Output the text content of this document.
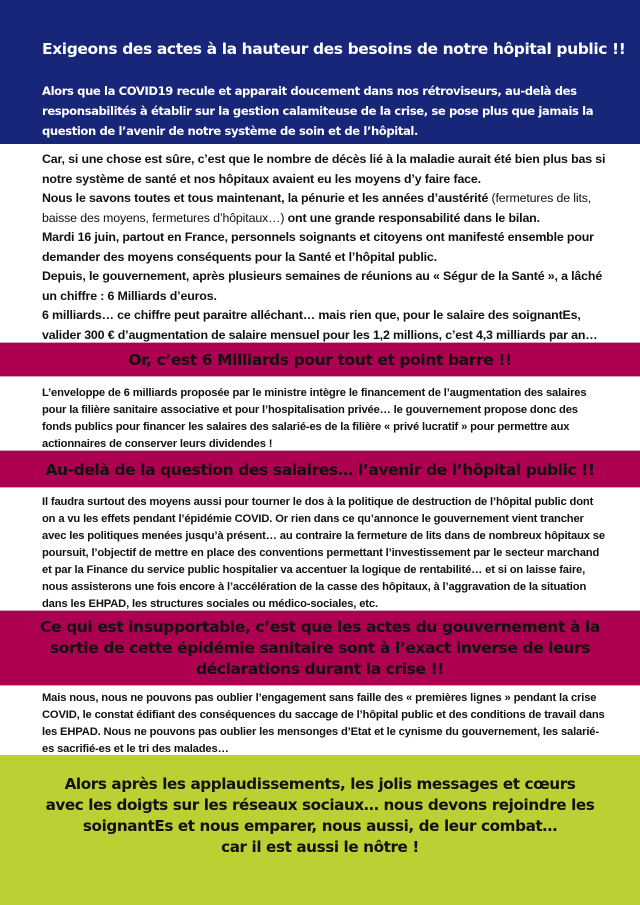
Exigeons des actes à la hauteur des besoins de notre hôpital public !!
Alors que la COVID19 recule et apparait doucement dans nos rétroviseurs, au-delà des responsabilités à établir sur la gestion calamiteuse de la crise, se pose plus que jamais la question de l’avenir de notre système de soin et de l’hôpital.
Car, si une chose est sûre, c’est que le nombre de décès lié à la maladie aurait été bien plus bas si notre système de santé et nos hôpitaux avaient eu les moyens d’y faire face.
Nous le savons toutes et tous maintenant, la pénurie et les années d’austérité (fermetures de lits, baisse des moyens, fermetures d’hôpitaux…) ont une grande responsabilité dans le bilan.
Mardi 16 juin, partout en France, personnels soignants et citoyens ont manifesté ensemble pour demander des moyens conséquents pour la Santé et l’hôpital public.
Depuis, le gouvernement, après plusieurs semaines de réunions au « Ségur de la Santé », a lâché un chiffre : 6 Milliards d’euros.
6 milliards… ce chiffre peut paraitre alléchant… mais rien que, pour le salaire des soignantEs, valider 300 € d’augmentation de salaire mensuel pour les 1,2 millions, c’est 4,3 milliards par an…
Or, c’est 6 Milliards pour tout et point barre !!
L’enveloppe de 6 milliards proposée par le ministre intègre le financement de l’augmentation des salaires pour la filière sanitaire associative et pour l’hospitalisation privée… le gouvernement propose donc des fonds publics pour financer les salaires des salarié-es de la filière « privé lucratif » pour permettre aux actionnaires de conserver leurs dividendes !
Au-delà de la question des salaires… l’avenir de l’hôpital public !!
Il faudra surtout des moyens aussi pour tourner le dos à la politique de destruction de l’hôpital public dont on a vu les effets pendant l’épidémie COVID. Or rien dans ce qu’annonce le gouvernement vient trancher avec les politiques menées jusqu’à présent… au contraire la fermeture de lits dans de nombreux hôpitaux se poursuit, l’objectif de mettre en place des conventions permettant l’investissement par le secteur marchand et par la Finance du service public hospitalier va accentuer la logique de rentabilité… et si on laisse faire, nous assisterons une fois encore à l’accélération de la casse des hôpitaux, à l’aggravation de la situation dans les EHPAD, les structures sociales ou médico-sociales, etc.
Ce qui est insupportable, c’est que les actes du gouvernement à la sortie de cette épidémie sanitaire sont à l’exact inverse de leurs déclarations durant la crise !!
Mais nous, nous ne pouvons pas oublier l’engagement sans faille des « premières lignes » pendant la crise COVID, le constat édifiant des conséquences du saccage de l’hôpital public et des conditions de travail dans les EHPAD. Nous ne pouvons pas oublier les mensonges d’Etat et le cynisme du gouvernement, les salarié-es sacrifié-es et le tri des malades…
Alors après les applaudissements, les jolis messages et cœurs avec les doigts sur les réseaux sociaux… nous devons rejoindre les soignantEs et nous emparer, nous aussi, de leur combat…
car il est aussi le nôtre !
